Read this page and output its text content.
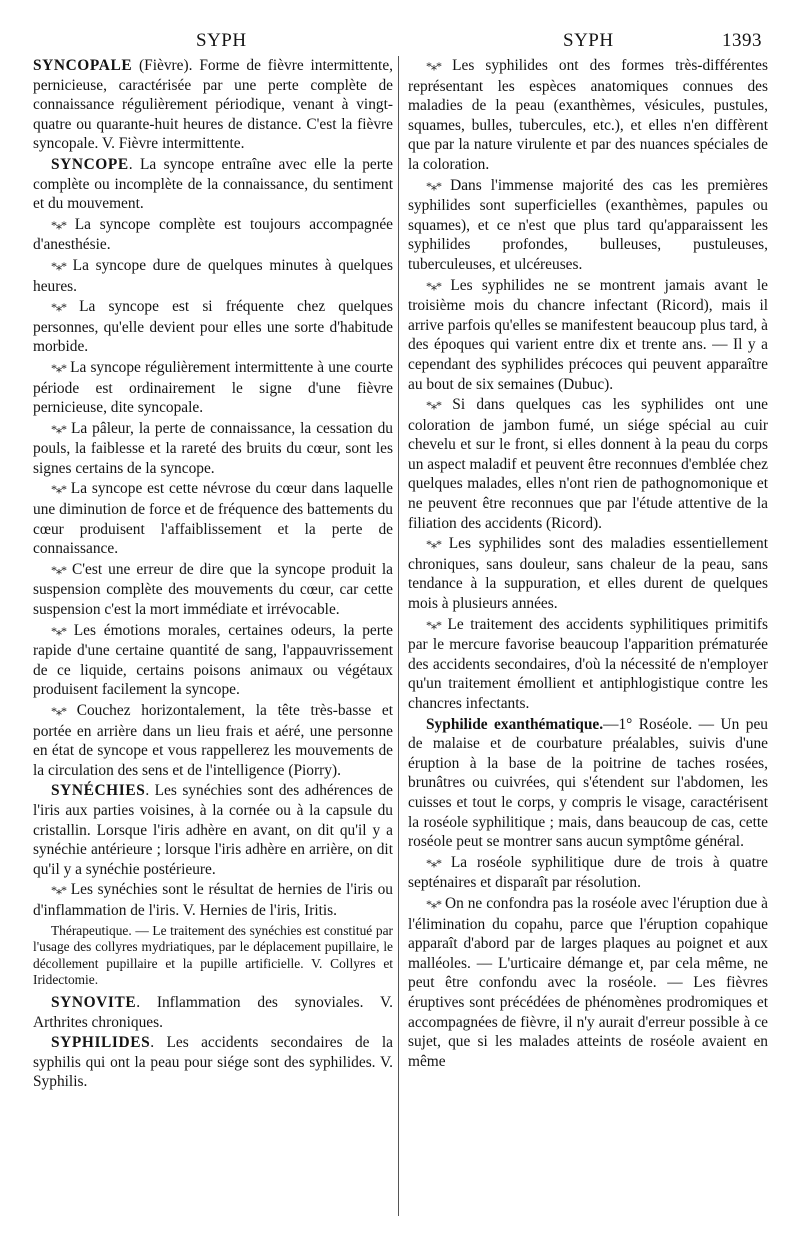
SYPH	SYPH	1393

SYNCOPALE (Fièvre). Forme de fièvre intermittente, pernicieuse, caractérisée par une perte complète de connaissance régulièrement périodique, venant à vingt-quatre ou quarante-huit heures de distance. C'est la fièvre syncopale. V. Fièvre intermittente.

SYNCOPE. La syncope entraîne avec elle la perte complète ou incomplète de la connaissance, du sentiment et du mouvement.

*⁎* La syncope complète est toujours accompagnée d'anesthésie.

*⁎* La syncope dure de quelques minutes à quelques heures.

*⁎* La syncope est si fréquente chez quelques personnes, qu'elle devient pour elles une sorte d'habitude morbide.

*⁎* La syncope régulièrement intermittente à une courte période est ordinairement le signe d'une fièvre pernicieuse, dite syncopale.

*⁎* La pâleur, la perte de connaissance, la cessation du pouls, la faiblesse et la rareté des bruits du cœur, sont les signes certains de la syncope.

*⁎* La syncope est cette névrose du cœur dans laquelle une diminution de force et de fréquence des battements du cœur produisent l'affaiblissement et la perte de connaissance.

*⁎* C'est une erreur de dire que la syncope produit la suspension complète des mouvements du cœur, car cette suspension c'est la mort immédiate et irrévocable.

*⁎* Les émotions morales, certaines odeurs, la perte rapide d'une certaine quantité de sang, l'appauvrissement de ce liquide, certains poisons animaux ou végétaux produisent facilement la syncope.

*⁎* Couchez horizontalement, la tête très-basse et portée en arrière dans un lieu frais et aéré, une personne en état de syncope et vous rappellerez les mouvements de la circulation des sens et de l'intelligence (Piorry).

SYNÉCHIES. Les synéchies sont des adhérences de l'iris aux parties voisines, à la cornée ou à la capsule du cristallin. Lorsque l'iris adhère en avant, on dit qu'il y a synéchie antérieure ; lorsque l'iris adhère en arrière, on dit qu'il y a synéchie postérieure.

*⁎* Les synéchies sont le résultat de hernies de l'iris ou d'inflammation de l'iris. V. Hernies de l'iris, Iritis.

Thérapeutique. — Le traitement des synéchies est constitué par l'usage des collyres mydriatiques, par le déplacement pupillaire, le décollement pupillaire et la pupille artificielle. V. Collyres et Iridectomie.

SYNOVITE. Inflammation des synoviales. V. Arthrites chroniques.

SYPHILIDES. Les accidents secondaires de la syphilis qui ont la peau pour siége sont des syphilides. V. Syphilis.

*⁎* Les syphilides ont des formes très-différentes représentant les espèces anatomiques connues des maladies de la peau (exanthèmes, vésicules, pustules, squames, bulles, tubercules, etc.), et elles n'en diffèrent que par la nature virulente et par des nuances spéciales de la coloration.

*⁎* Dans l'immense majorité des cas les premières syphilides sont superficielles (exanthèmes, papules ou squames), et ce n'est que plus tard qu'apparaissent les syphilides profondes, bulleuses, pustuleuses, tuberculeuses, et ulcéreuses.

*⁎* Les syphilides ne se montrent jamais avant le troisième mois du chancre infectant (Ricord), mais il arrive parfois qu'elles se manifestent beaucoup plus tard, à des époques qui varient entre dix et trente ans. — Il y a cependant des syphilides précoces qui peuvent apparaître au bout de six semaines (Dubuc).

*⁎* Si dans quelques cas les syphilides ont une coloration de jambon fumé, un siége spécial au cuir chevelu et sur le front, si elles donnent à la peau du corps un aspect maladif et peuvent être reconnues d'emblée chez quelques malades, elles n'ont rien de pathognomonique et ne peuvent être reconnues que par l'étude attentive de la filiation des accidents (Ricord).

*⁎* Les syphilides sont des maladies essentiellement chroniques, sans douleur, sans chaleur de la peau, sans tendance à la suppuration, et elles durent de quelques mois à plusieurs années.

*⁎* Le traitement des accidents syphilitiques primitifs par le mercure favorise beaucoup l'apparition prématurée des accidents secondaires, d'où la nécessité de n'employer qu'un traitement émollient et antiphlogistique contre les chancres infectants.

Syphilide exanthématique.—1° Roséole. — Un peu de malaise et de courbature préalables, suivis d'une éruption à la base de la poitrine de taches rosées, brunâtres ou cuivrées, qui s'étendent sur l'abdomen, les cuisses et tout le corps, y compris le visage, caractérisent la roséole syphilitique ; mais, dans beaucoup de cas, cette roséole peut se montrer sans aucun symptôme général.

*⁎* La roséole syphilitique dure de trois à quatre septénaires et disparaît par résolution.

*⁎* On ne confondra pas la roséole avec l'éruption due à l'élimination du copahu, parce que l'éruption copahique apparaît d'abord par de larges plaques au poignet et aux malléoles. — L'urticaire démange et, par cela même, ne peut être confondu avec la roséole. — Les fièvres éruptives sont précédées de phénomènes prodromiques et accompagnées de fièvre, il n'y aurait d'erreur possible à ce sujet, que si les malades atteints de roséole avaient en même
